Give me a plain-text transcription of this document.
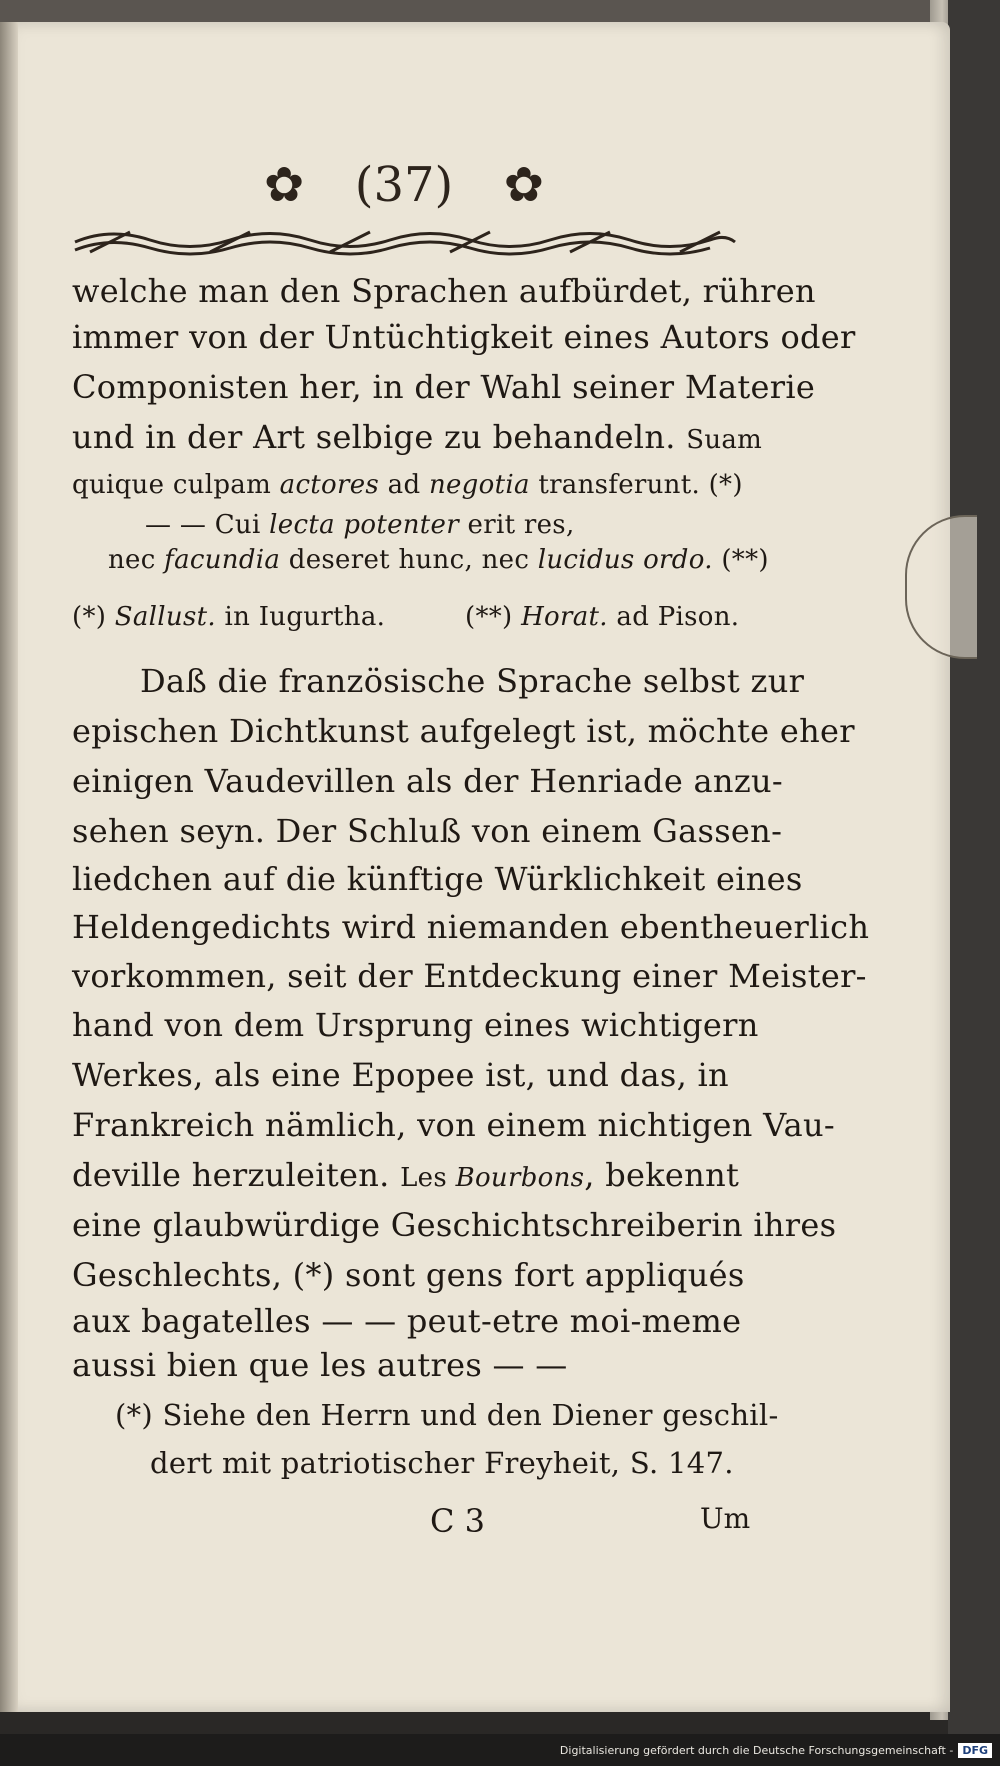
✿ (37) ✿
welche man den Sprachen aufbürdet, rühren
immer von der Untüchtigkeit eines Autors oder
Componisten her, in der Wahl seiner Materie
und in der Art selbige zu behandeln. Suam
quique culpam actores ad negotia transferunt. (*)
— — Cui lecta potenter erit res,
nec facundia deseret hunc, nec lucidus ordo. (**)
(*) Sallust. in Iugurtha.	(**) Horat. ad Pison.
Daß die französische Sprache selbst zur
epischen Dichtkunst aufgelegt ist, möchte eher
einigen Vaudevillen als der Henriade anzu-
sehen seyn. Der Schluß von einem Gassen-
liedchen auf die künftige Würklichkeit eines
Heldengedichts wird niemanden ebentheuerlich
vorkommen, seit der Entdeckung einer Meister-
hand von dem Ursprung eines wichtigern
Werkes, als eine Epopee ist, und das, in
Frankreich nämlich, von einem nichtigen Vau-
deville herzuleiten. Les Bourbons, bekennt
eine glaubwürdige Geschichtschreiberin ihres
Geschlechts, (*) sont gens fort appliqués
aux bagatelles — — peut-etre moi-meme
aussi bien que les autres — —
(*) Siehe den Herrn und den Diener geschil-
dert mit patriotischer Freyheit, S. 147.
C 3	Um
Digitalisierung gefördert durch die Deutsche Forschungsgemeinschaft - DFG
